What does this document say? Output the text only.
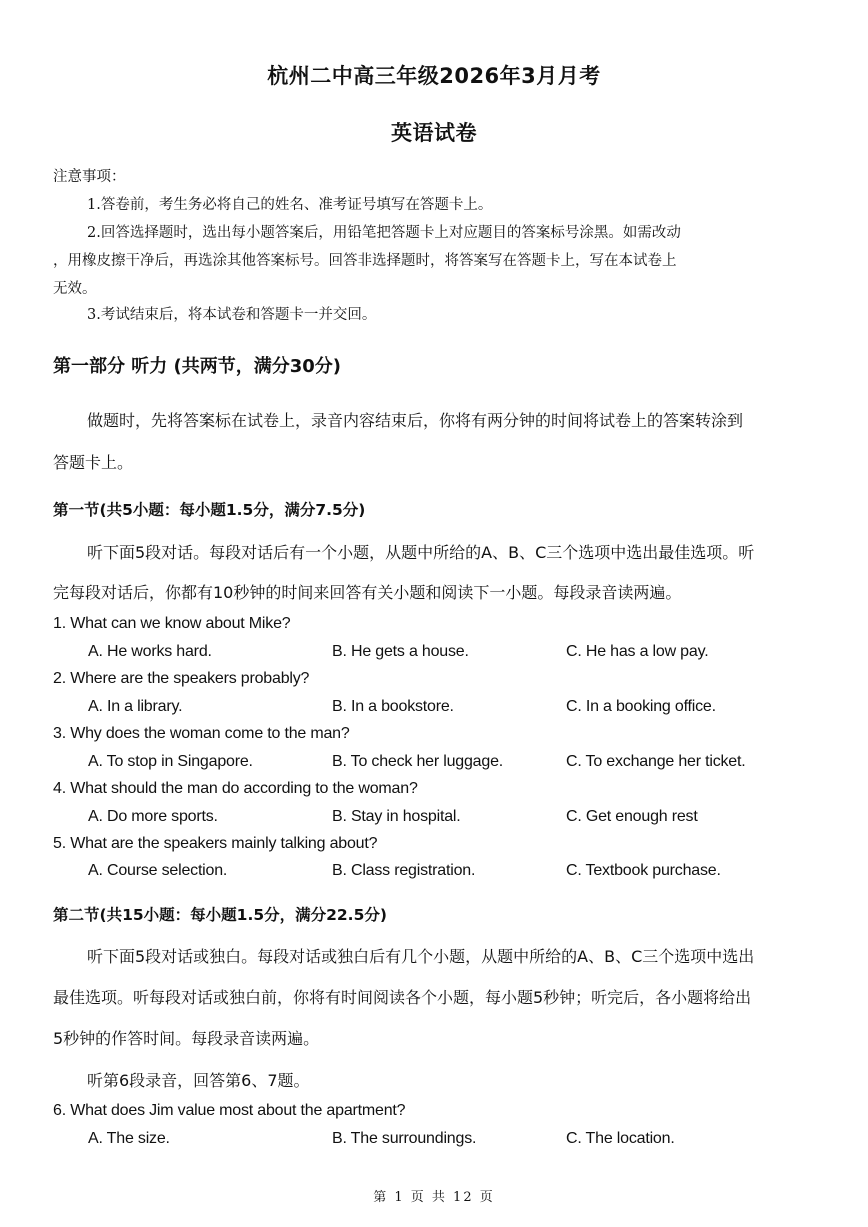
杭州二中高三年级2026年3月月考
英语试卷
注意事项：
1.答卷前，考生务必将自己的姓名、准考证号填写在答题卡上。
2.回答选择题时，选出每小题答案后，用铅笔把答题卡上对应题目的答案标号涂黑。如需改动
，用橡皮擦干净后，再选涂其他答案标号。回答非选择题时，将答案写在答题卡上，写在本试卷上
无效。
3.考试结束后，将本试卷和答题卡一并交回。
第一部分 听力 (共两节，满分30分)
做题时，先将答案标在试卷上，录音内容结束后，你将有两分钟的时间将试卷上的答案转涂到
答题卡上。
第一节(共5小题：每小题1.5分，满分7.5分)
听下面5段对话。每段对话后有一个小题，从题中所给的A、B、C三个选项中选出最佳选项。听
完每段对话后，你都有10秒钟的时间来回答有关小题和阅读下一小题。每段录音读两遍。
1. What can we know about Mike?
A. He works hard.	B. He gets a house.	C. He has a low pay.
2. Where are the speakers probably?
A. In a library.	B. In a bookstore.	C. In a booking office.
3. Why does the woman come to the man?
A. To stop in Singapore.	B. To check her luggage.	C. To exchange her ticket.
4. What should the man do according to the woman?
A. Do more sports.	B. Stay in hospital.	C. Get enough rest
5. What are the speakers mainly talking about?
A. Course selection.	B. Class registration.	C. Textbook purchase.
第二节(共15小题：每小题1.5分，满分22.5分)
听下面5段对话或独白。每段对话或独白后有几个小题，从题中所给的A、B、C三个选项中选出
最佳选项。听每段对话或独白前，你将有时间阅读各个小题，每小题5秒钟；听完后，各小题将给出
5秒钟的作答时间。每段录音读两遍。
听第6段录音，回答第6、7题。
6. What does Jim value most about the apartment?
A. The size.	B. The surroundings.	C. The location.
第 1 页 共 12 页
